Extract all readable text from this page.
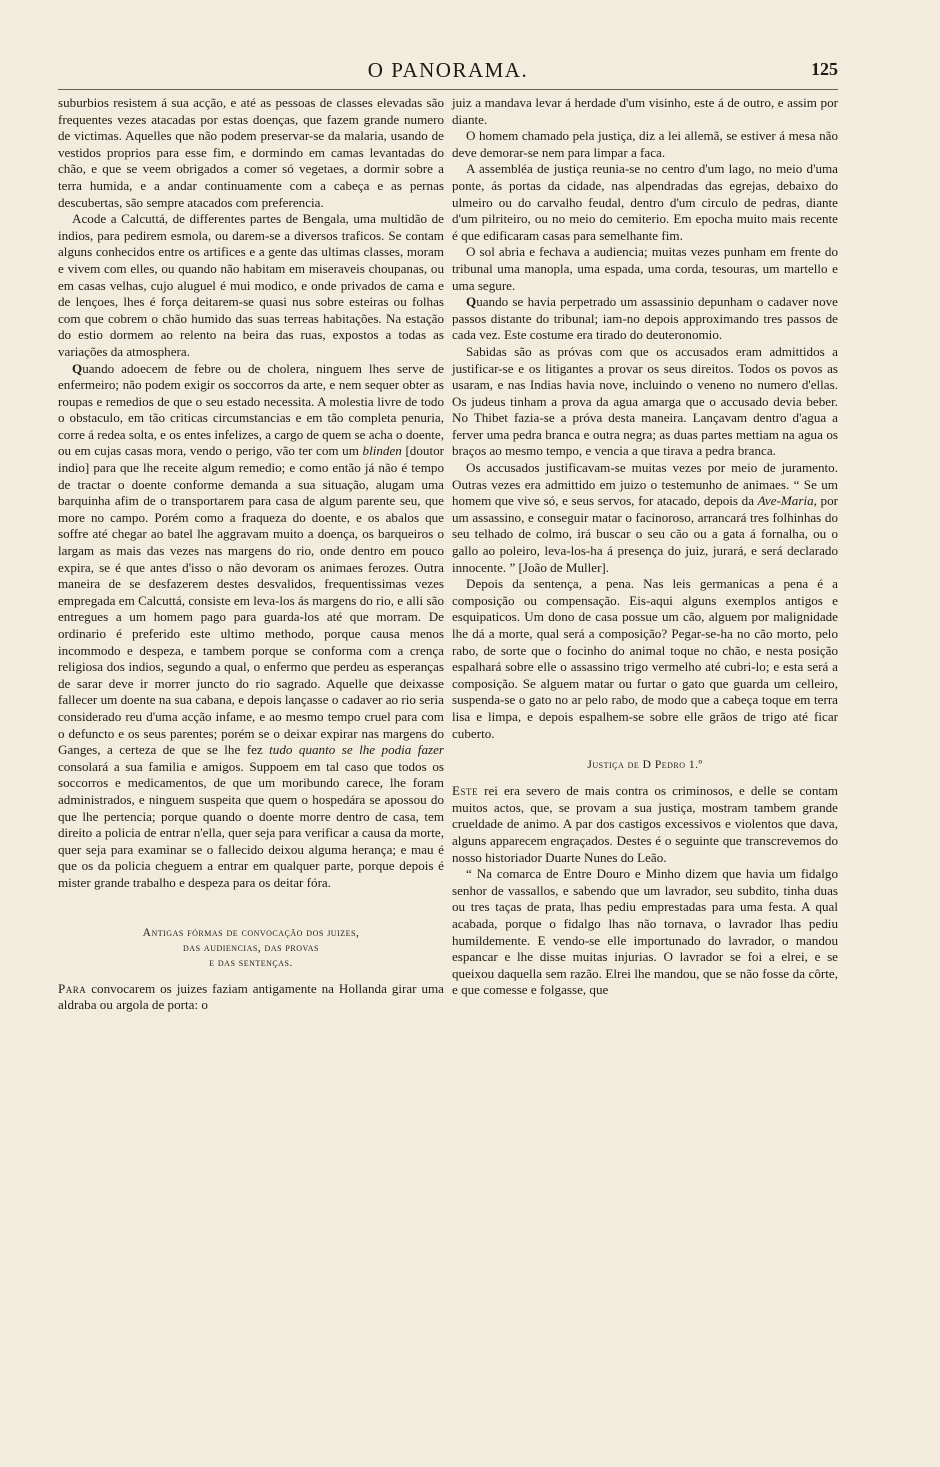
O PANORAMA.	125

suburbios resistem á sua acção, e até as pessoas de classes elevadas são frequentes vezes atacadas por estas doenças, que fazem grande numero de victimas. Aquelles que não podem preservar-se da malaria, usando de vestidos proprios para esse fim, e dormindo em camas levantadas do chão, e que se veem obrigados a comer só vegetaes, a dormir sobre a terra humida, e a andar continuamente com a cabeça e as pernas descubertas, são sempre atacados com preferencia.

Acode a Calcuttá, de differentes partes de Bengala, uma multidão de indios, para pedirem esmola, ou darem-se a diversos traficos. Se contam alguns conhecidos entre os artifices e a gente das ultimas classes, moram e vivem com elles, ou quando não habitam em miseraveis choupanas, ou em casas velhas, cujo aluguel é mui modico, e onde privados de cama e de lençoes, lhes é força deitarem-se quasi nus sobre esteiras ou folhas com que cobrem o chão humido das suas terreas habitações. Na estação do estio dormem ao relento na beira das ruas, expostos a todas as variações da atmosphera.

Quando adoecem de febre ou de cholera, ninguem lhes serve de enfermeiro; não podem exigir os soccorros da arte, e nem sequer obter as roupas e remedios de que o seu estado necessita. A molestia livre de todo o obstaculo, em tão criticas circumstancias e em tão completa penuria, corre á redea solta, e os entes infelizes, a cargo de quem se acha o doente, ou em cujas casas mora, vendo o perigo, vão ter com um blinden [doutor indio] para que lhe receite algum remedio; e como então já não é tempo de tractar o doente conforme demanda a sua situação, alugam uma barquinha afim de o transportarem para casa de algum parente seu, que more no campo. Porém como a fraqueza do doente, e os abalos que soffre até chegar ao batel lhe aggravam muito a doença, os barqueiros o largam as mais das vezes nas margens do rio, onde dentro em pouco expira, se é que antes d'isso o não devoram os animaes ferozes. Outra maneira de se desfazerem destes desvalidos, frequentissimas vezes empregada em Calcuttá, consiste em leva-los ás margens do rio, e alli são entregues a um homem pago para guarda-los até que morram. De ordinario é preferido este ultimo methodo, porque causa menos incommodo e despeza, e tambem porque se conforma com a crença religiosa dos indios, segundo a qual, o enfermo que perdeu as esperanças de sarar deve ir morrer juncto do rio sagrado. Aquelle que deixasse fallecer um doente na sua cabana, e depois lançasse o cadaver ao rio seria considerado reu d'uma acção infame, e ao mesmo tempo cruel para com o defuncto e os seus parentes; porém se o deixar expirar nas margens do Ganges, a certeza de que se lhe fez tudo quanto se lhe podia fazer consolará a sua familia e amigos. Suppoem em tal caso que todos os soccorros e medicamentos, de que um moribundo carece, lhe foram administrados, e ninguem suspeita que quem o hospedára se apossou do que lhe pertencia; porque quando o doente morre dentro de casa, tem direito a policia de entrar n'ella, quer seja para verificar a causa da morte, quer seja para examinar se o fallecido deixou alguma herança; e mau é que os da policia cheguem a entrar em qualquer parte, porque depois é mister grande trabalho e despeza para os deitar fóra.

Antigas fórmas de convocação dos juizes,
das audiencias, das provas
e das sentenças.

Para convocarem os juizes faziam antigamente na Hollanda girar uma aldraba ou argola de porta: o

juiz a mandava levar á herdade d'um visinho, este á de outro, e assim por diante.

O homem chamado pela justiça, diz a lei allemã, se estiver á mesa não deve demorar-se nem para limpar a faca.

A assembléa de justiça reunia-se no centro d'um lago, no meio d'uma ponte, ás portas da cidade, nas alpendradas das egrejas, debaixo do ulmeiro ou do carvalho feudal, dentro d'um circulo de pedras, diante d'um pilriteiro, ou no meio do cemiterio. Em epocha muito mais recente é que edificaram casas para semelhante fim.

O sol abria e fechava a audiencia; muitas vezes punham em frente do tribunal uma manopla, uma espada, uma corda, tesouras, um martello e uma segure.

Quando se havia perpetrado um assassinio depunham o cadaver nove passos distante do tribunal; iam-no depois approximando tres passos de cada vez. Este costume era tirado do deuteronomio.

Sabidas são as próvas com que os accusados eram admittidos a justificar-se e os litigantes a provar os seus direitos. Todos os povos as usaram, e nas Indias havia nove, incluindo o veneno no numero d'ellas. Os judeus tinham a prova da agua amarga que o accusado devia beber. No Thibet fazia-se a próva desta maneira. Lançavam dentro d'agua a ferver uma pedra branca e outra negra; as duas partes mettiam na agua os braços ao mesmo tempo, e vencia a que tirava a pedra branca.

Os accusados justificavam-se muitas vezes por meio de juramento. Outras vezes era admittido em juizo o testemunho de animaes. “ Se um homem que vive só, e seus servos, for atacado, depois da Ave-Maria, por um assassino, e conseguir matar o facinoroso, arrancará tres folhinhas do seu telhado de colmo, irá buscar o seu cão ou a gata á fornalha, ou o gallo ao poleiro, leva-los-ha á presença do juiz, jurará, e será declarado innocente. ” [João de Muller].

Depois da sentença, a pena. Nas leis germanicas a pena é a composição ou compensação. Eis-aqui alguns exemplos antigos e esquipaticos. Um dono de casa possue um cão, alguem por malignidade lhe dá a morte, qual será a composição? Pegar-se-ha no cão morto, pelo rabo, de sorte que o focinho do animal toque no chão, e nesta posição espalhará sobre elle o assassino trigo vermelho até cubri-lo; e esta será a composição. Se alguem matar ou furtar o gato que guarda um celleiro, suspenda-se o gato no ar pelo rabo, de modo que a cabeça toque em terra lisa e limpa, e depois espalhem-se sobre elle grãos de trigo até ficar cuberto.

Justiça de D Pedro 1.º

Este rei era severo de mais contra os criminosos, e delle se contam muitos actos, que, se provam a sua justiça, mostram tambem grande crueldade de animo. A par dos castigos excessivos e violentos que dava, alguns apparecem engraçados. Destes é o seguinte que transcrevemos do nosso historiador Duarte Nunes do Leão.

“ Na comarca de Entre Douro e Minho dizem que havia um fidalgo senhor de vassallos, e sabendo que um lavrador, seu subdito, tinha duas ou tres taças de prata, lhas pediu emprestadas para uma festa. A qual acabada, porque o fidalgo lhas não tornava, o lavrador lhas pediu humildemente. E vendo-se elle importunado do lavrador, o mandou espancar e lhe disse muitas injurias. O lavrador se foi a elrei, e se queixou daquella sem razão. Elrei lhe mandou, que se não fosse da côrte, e que comesse e folgasse, que
